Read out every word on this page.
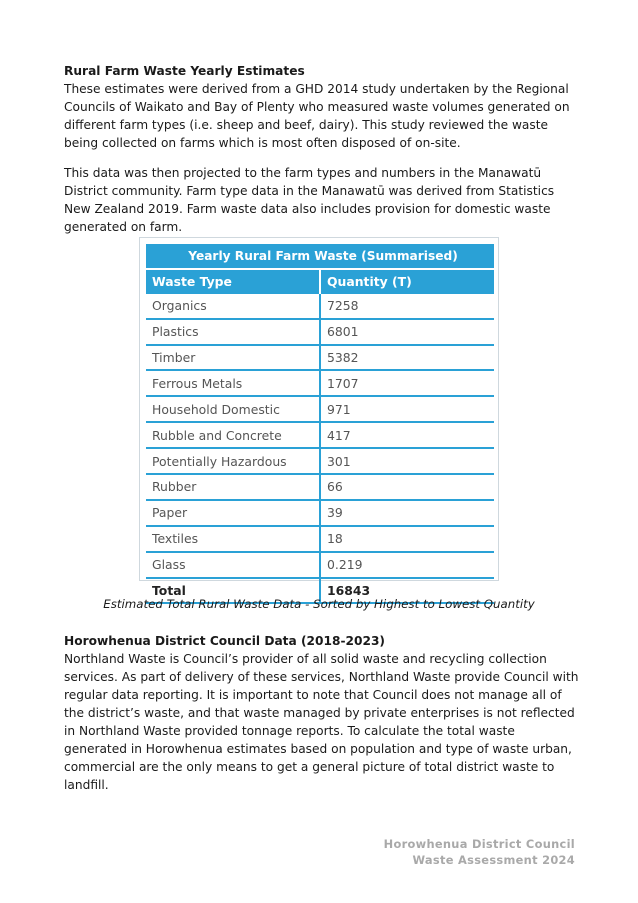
Rural Farm Waste Yearly Estimates

These estimates were derived from a GHD 2014 study undertaken by the Regional Councils of Waikato and Bay of Plenty who measured waste volumes generated on different farm types (i.e. sheep and beef, dairy). This study reviewed the waste being collected on farms which is most often disposed of on-site.

This data was then projected to the farm types and numbers in the Manawatū District community. Farm type data in the Manawatū was derived from Statistics New Zealand 2019. Farm waste data also includes provision for domestic waste generated on farm.

Yearly Rural Farm Waste (Summarised)	
Waste Type	Quantity (T)
Organics	7258
Plastics	6801
Timber	5382
Ferrous Metals	1707
Household Domestic	971
Rubble and Concrete	417
Potentially Hazardous	301
Rubber	66
Paper	39
Textiles	18
Glass	0.219
Total	16843
Estimated Total Rural Waste Data - Sorted by Highest to Lowest Quantity

Horowhenua District Council Data (2018-2023)

Northland Waste is Council’s provider of all solid waste and recycling collection services. As part of delivery of these services, Northland Waste provide Council with regular data reporting. It is important to note that Council does not manage all of the district’s waste, and that waste managed by private enterprises is not reflected in Northland Waste provided tonnage reports. To calculate the total waste generated in Horowhenua estimates based on population and type of waste urban, commercial are the only means to get a general picture of total district waste to landfill.

Horowhenua District Council
Waste Assessment 2024
